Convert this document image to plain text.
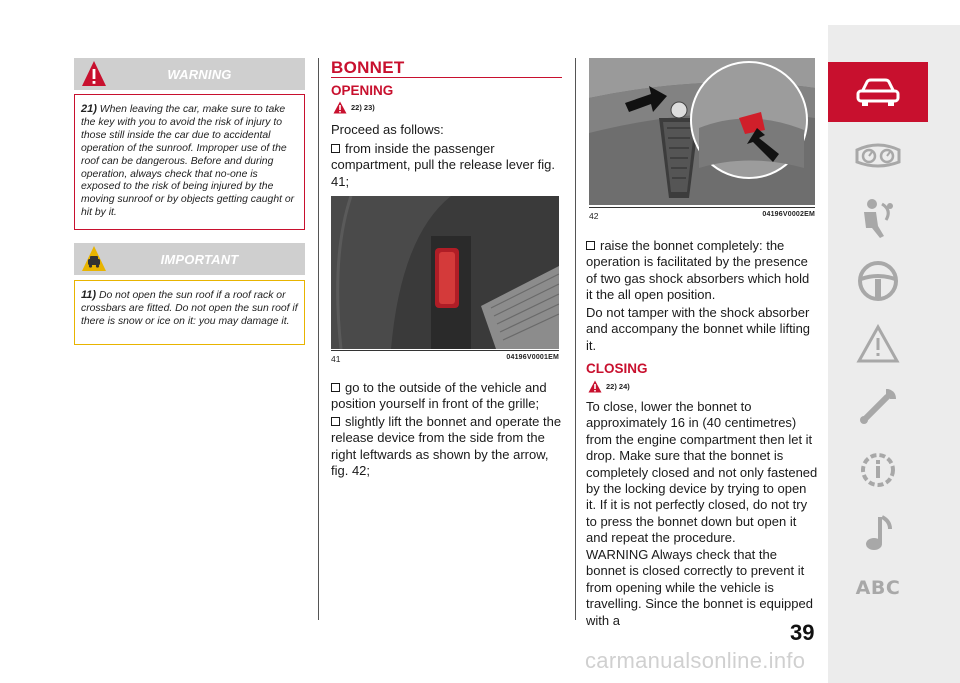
WARNING
21) When leaving the car, make sure to take the key with you to avoid the risk of injury to those still inside the car due to accidental operation of the sunroof. Improper use of the roof can be dangerous. Before and during operation, always check that no-one is exposed to the risk of being injured by the moving sunroof or by objects getting caught or hit by it.
IMPORTANT
11) Do not open the sun roof if a roof rack or crossbars are fitted. Do not open the sun roof if there is snow or ice on it: you may damage it.
BONNET
OPENING
22) 23)
Proceed as follows:
from inside the passenger compartment, pull the release lever fig. 41;
41	04196V0001EM
go to the outside of the vehicle and position yourself in front of the grille;
slightly lift the bonnet and operate the release device from the side from the right leftwards as shown by the arrow, fig. 42;
42	04196V0002EM
raise the bonnet completely: the operation is facilitated by the presence of two gas shock absorbers which hold it the all open position.
Do not tamper with the shock absorber and accompany the bonnet while lifting it.
CLOSING
22) 24)
To close, lower the bonnet to approximately 16 in (40 centimetres) from the engine compartment then let it drop. Make sure that the bonnet is completely closed and not only fastened by the locking device by trying to open it. If it is not perfectly closed, do not try to press the bonnet down but open it and repeat the procedure.
WARNING Always check that the bonnet is closed correctly to prevent it from opening while the vehicle is travelling. Since the bonnet is equipped with a
ABC
39
carmanualsonline.info
